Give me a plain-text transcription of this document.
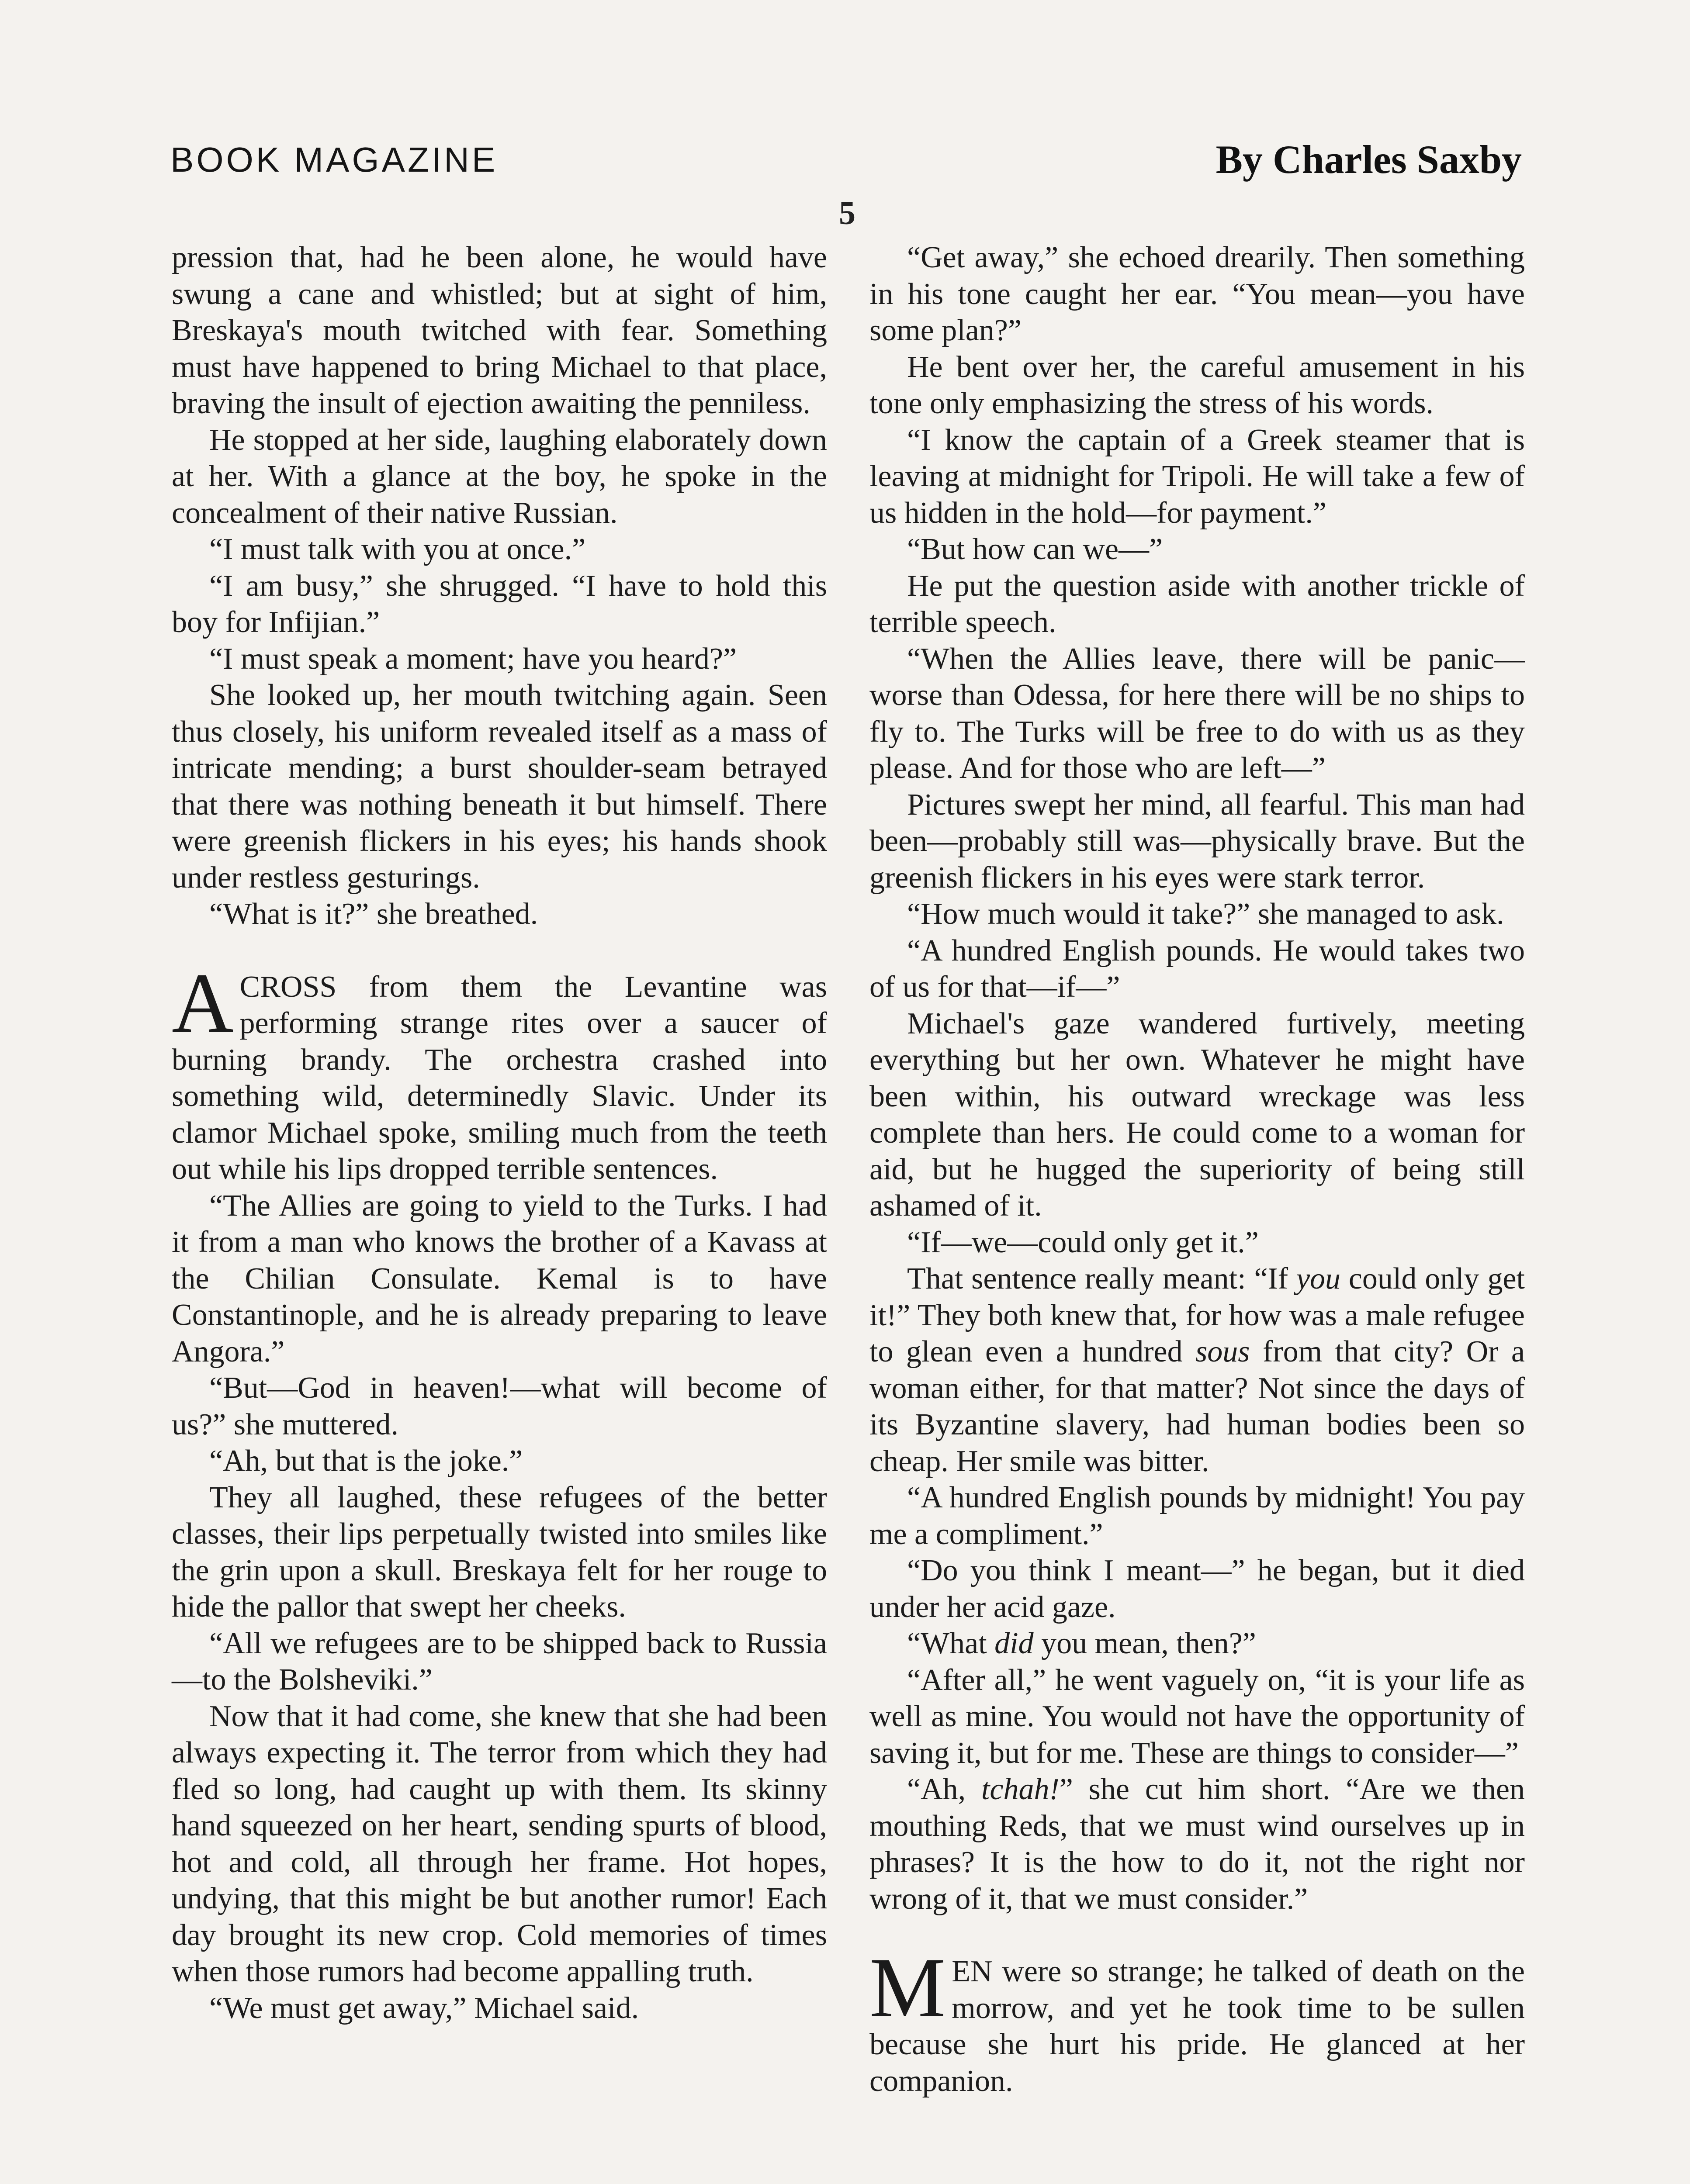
BOOK MAGAZINE	By Charles Saxby
5

pression that, had he been alone, he would have swung a cane and whistled; but at sight of him, Breskaya's mouth twitched with fear. Something must have happened to bring Michael to that place, braving the insult of ejection awaiting the penniless.

He stopped at her side, laughing elaborately down at her. With a glance at the boy, he spoke in the concealment of their native Russian.

“I must talk with you at once.”

“I am busy,” she shrugged. “I have to hold this boy for Infijian.”

“I must speak a moment; have you heard?”

She looked up, her mouth twitching again. Seen thus closely, his uniform revealed itself as a mass of intricate mending; a burst shoulder-seam betrayed that there was nothing beneath it but himself. There were greenish flickers in his eyes; his hands shook under restless gesturings.

“What is it?” she breathed.

ACROSS from them the Levantine was performing strange rites over a saucer of burning brandy. The orchestra crashed into something wild, determinedly Slavic. Under its clamor Michael spoke, smiling much from the teeth out while his lips dropped terrible sentences.

“The Allies are going to yield to the Turks. I had it from a man who knows the brother of a Kavass at the Chilian Consulate. Kemal is to have Constantinople, and he is already preparing to leave Angora.”

“But—God in heaven!—what will become of us?” she muttered.

“Ah, but that is the joke.”

They all laughed, these refugees of the better classes, their lips perpetually twisted into smiles like the grin upon a skull. Breskaya felt for her rouge to hide the pallor that swept her cheeks.

“All we refugees are to be shipped back to Russia—to the Bolsheviki.”

Now that it had come, she knew that she had been always expecting it. The terror from which they had fled so long, had caught up with them. Its skinny hand squeezed on her heart, sending spurts of blood, hot and cold, all through her frame. Hot hopes, undying, that this might be but another rumor! Each day brought its new crop. Cold memories of times when those rumors had become appalling truth.

“We must get away,” Michael said.

“Get away,” she echoed drearily. Then something in his tone caught her ear. “You mean—you have some plan?”

He bent over her, the careful amusement in his tone only emphasizing the stress of his words.

“I know the captain of a Greek steamer that is leaving at midnight for Tripoli. He will take a few of us hidden in the hold—for payment.”

“But how can we—”

He put the question aside with another trickle of terrible speech.

“When the Allies leave, there will be panic—worse than Odessa, for here there will be no ships to fly to. The Turks will be free to do with us as they please. And for those who are left—”

Pictures swept her mind, all fearful. This man had been—probably still was—physically brave. But the greenish flickers in his eyes were stark terror.

“How much would it take?” she managed to ask.

“A hundred English pounds. He would takes two of us for that—if—”

Michael's gaze wandered furtively, meeting everything but her own. Whatever he might have been within, his outward wreckage was less complete than hers. He could come to a woman for aid, but he hugged the superiority of being still ashamed of it.

“If—we—could only get it.”

That sentence really meant: “If you could only get it!” They both knew that, for how was a male refugee to glean even a hundred sous from that city? Or a woman either, for that matter? Not since the days of its Byzantine slavery, had human bodies been so cheap. Her smile was bitter.

“A hundred English pounds by midnight! You pay me a compliment.”

“Do you think I meant—” he began, but it died under her acid gaze.

“What did you mean, then?”

“After all,” he went vaguely on, “it is your life as well as mine. You would not have the opportunity of saving it, but for me. These are things to consider—”

“Ah, tchah!” she cut him short. “Are we then mouthing Reds, that we must wind ourselves up in phrases? It is the how to do it, not the right nor wrong of it, that we must consider.”

MEN were so strange; he talked of death on the morrow, and yet he took time to be sullen because she hurt his pride. He glanced at her companion.
